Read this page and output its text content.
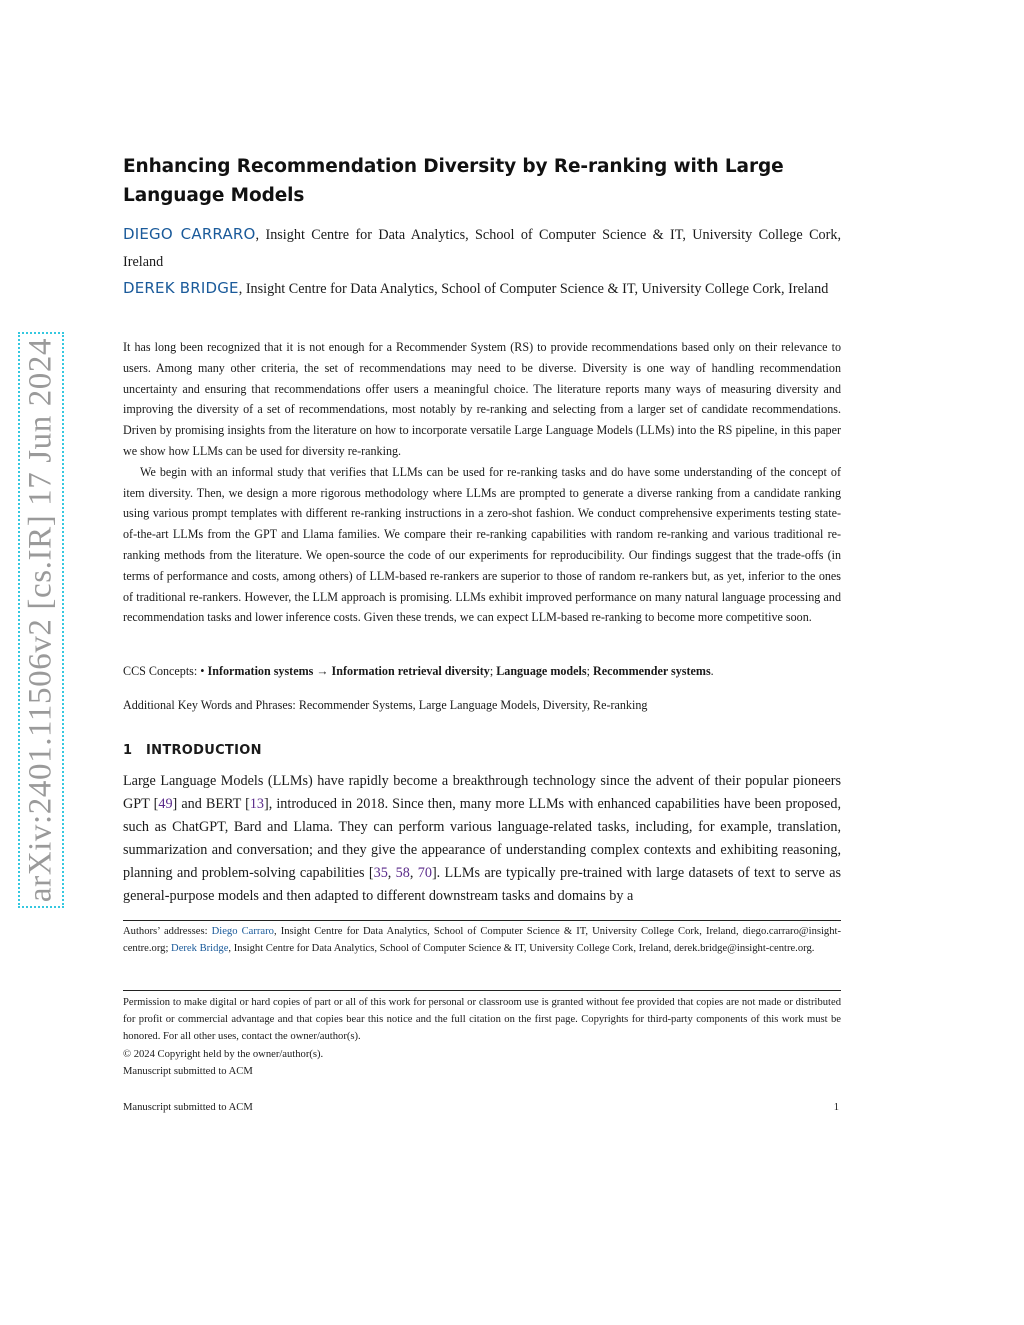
arXiv:2401.11506v2 [cs.IR] 17 Jun 2024
Enhancing Recommendation Diversity by Re-ranking with Large Language Models
DIEGO CARRARO, Insight Centre for Data Analytics, School of Computer Science & IT, University College Cork, Ireland
DEREK BRIDGE, Insight Centre for Data Analytics, School of Computer Science & IT, University College Cork, Ireland

It has long been recognized that it is not enough for a Recommender System (RS) to provide recommendations based only on their relevance to users. Among many other criteria, the set of recommendations may need to be diverse. Diversity is one way of handling recommendation uncertainty and ensuring that recommendations offer users a meaningful choice. The literature reports many ways of measuring diversity and improving the diversity of a set of recommendations, most notably by re-ranking and selecting from a larger set of candidate recommendations. Driven by promising insights from the literature on how to incorporate versatile Large Language Models (LLMs) into the RS pipeline, in this paper we show how LLMs can be used for diversity re-ranking.

We begin with an informal study that verifies that LLMs can be used for re-ranking tasks and do have some understanding of the concept of item diversity. Then, we design a more rigorous methodology where LLMs are prompted to generate a diverse ranking from a candidate ranking using various prompt templates with different re-ranking instructions in a zero-shot fashion. We conduct comprehensive experiments testing state-of-the-art LLMs from the GPT and Llama families. We compare their re-ranking capabilities with random re-ranking and various traditional re-ranking methods from the literature. We open-source the code of our experiments for reproducibility. Our findings suggest that the trade-offs (in terms of performance and costs, among others) of LLM-based re-rankers are superior to those of random re-rankers but, as yet, inferior to the ones of traditional re-rankers. However, the LLM approach is promising. LLMs exhibit improved performance on many natural language processing and recommendation tasks and lower inference costs. Given these trends, we can expect LLM-based re-ranking to become more competitive soon.

CCS Concepts: • Information systems → Information retrieval diversity; Language models; Recommender systems.
Additional Key Words and Phrases: Recommender Systems, Large Language Models, Diversity, Re-ranking
1 INTRODUCTION

Large Language Models (LLMs) have rapidly become a breakthrough technology since the advent of their popular pioneers GPT [49] and BERT [13], introduced in 2018. Since then, many more LLMs with enhanced capabilities have been proposed, such as ChatGPT, Bard and Llama. They can perform various language-related tasks, including, for example, translation, summarization and conversation; and they give the appearance of understanding complex contexts and exhibiting reasoning, planning and problem-solving capabilities [35, 58, 70]. LLMs are typically pre-trained with large datasets of text to serve as general-purpose models and then adapted to different downstream tasks and domains by a

Authors’ addresses: Diego Carraro, Insight Centre for Data Analytics, School of Computer Science & IT, University College Cork, Ireland, diego.carraro@insight-centre.org; Derek Bridge, Insight Centre for Data Analytics, School of Computer Science & IT, University College Cork, Ireland, derek.bridge@insight-centre.org.

Permission to make digital or hard copies of part or all of this work for personal or classroom use is granted without fee provided that copies are not made or distributed for profit or commercial advantage and that copies bear this notice and the full citation on the first page. Copyrights for third-party components of this work must be honored. For all other uses, contact the owner/author(s).

© 2024 Copyright held by the owner/author(s).

Manuscript submitted to ACM

Manuscript submitted to ACM	1
